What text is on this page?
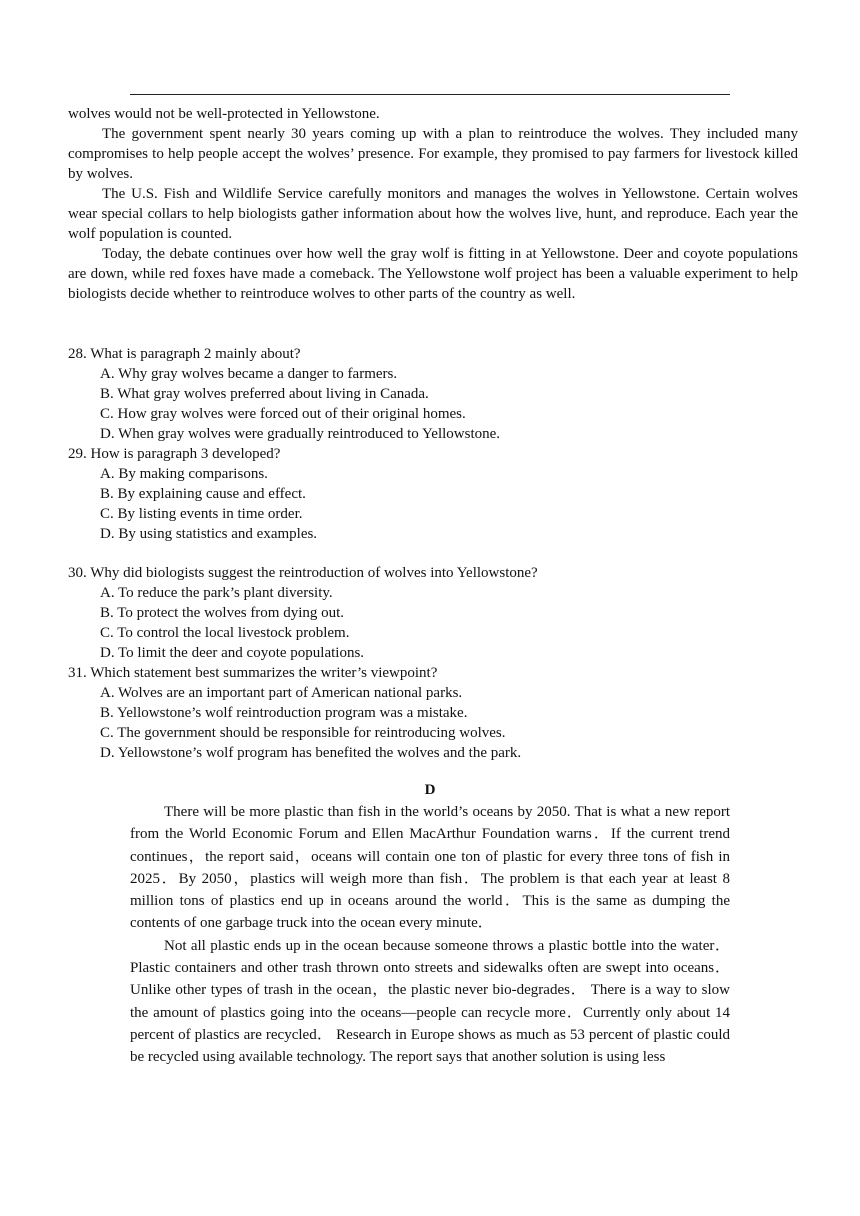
wolves would not be well-protected in Yellowstone.

The government spent nearly 30 years coming up with a plan to reintroduce the wolves. They included many compromises to help people accept the wolves’ presence. For example, they promised to pay farmers for livestock killed by wolves.

The U.S. Fish and Wildlife Service carefully monitors and manages the wolves in Yellowstone. Certain wolves wear special collars to help biologists gather information about how the wolves live, hunt, and reproduce. Each year the wolf population is counted.

Today, the debate continues over how well the gray wolf is fitting in at Yellowstone. Deer and coyote populations are down, while red foxes have made a comeback. The Yellowstone wolf project has been a valuable experiment to help biologists decide whether to reintroduce wolves to other parts of the country as well.

28. What is paragraph 2 mainly about?

A. Why gray wolves became a danger to farmers.

B. What gray wolves preferred about living in Canada.

C. How gray wolves were forced out of their original homes.

D. When gray wolves were gradually reintroduced to Yellowstone.

29. How is paragraph 3 developed?

A. By making comparisons.

B. By explaining cause and effect.

C. By listing events in time order.

D. By using statistics and examples.

30. Why did biologists suggest the reintroduction of wolves into Yellowstone?

A. To reduce the park’s plant diversity.

B. To protect the wolves from dying out.

C. To control the local livestock problem.

D. To limit the deer and coyote populations.

31. Which statement best summarizes the writer’s viewpoint?

A. Wolves are an important part of American national parks.

B. Yellowstone’s wolf reintroduction program was a mistake.

C. The government should be responsible for reintroducing wolves.

D. Yellowstone’s wolf program has benefited the wolves and the park.

D

There will be more plastic than fish in the world’s oceans by 2050. That is what a new report from the World Economic Forum and Ellen MacArthur Foundation warns．If the current trend continues，the report said，oceans will contain one ton of plastic for every three tons of fish in 2025．By 2050，plastics will weigh more than fish．The problem is that each year at least 8 million tons of plastics end up in oceans around the world．This is the same as dumping the contents of one garbage truck into the ocean every minute．

Not all plastic ends up in the ocean because someone throws a plastic bottle into the water．Plastic containers and other trash thrown onto streets and sidewalks often are swept into oceans．Unlike other types of trash in the ocean，the plastic never bio-degrades． There is a way to slow the amount of plastics going into the oceans—people can recycle more．Currently only about 14 percent of plastics are recycled． Research in Europe shows as much as 53 percent of plastic could be recycled using available technology. The report says that another solution is using less
